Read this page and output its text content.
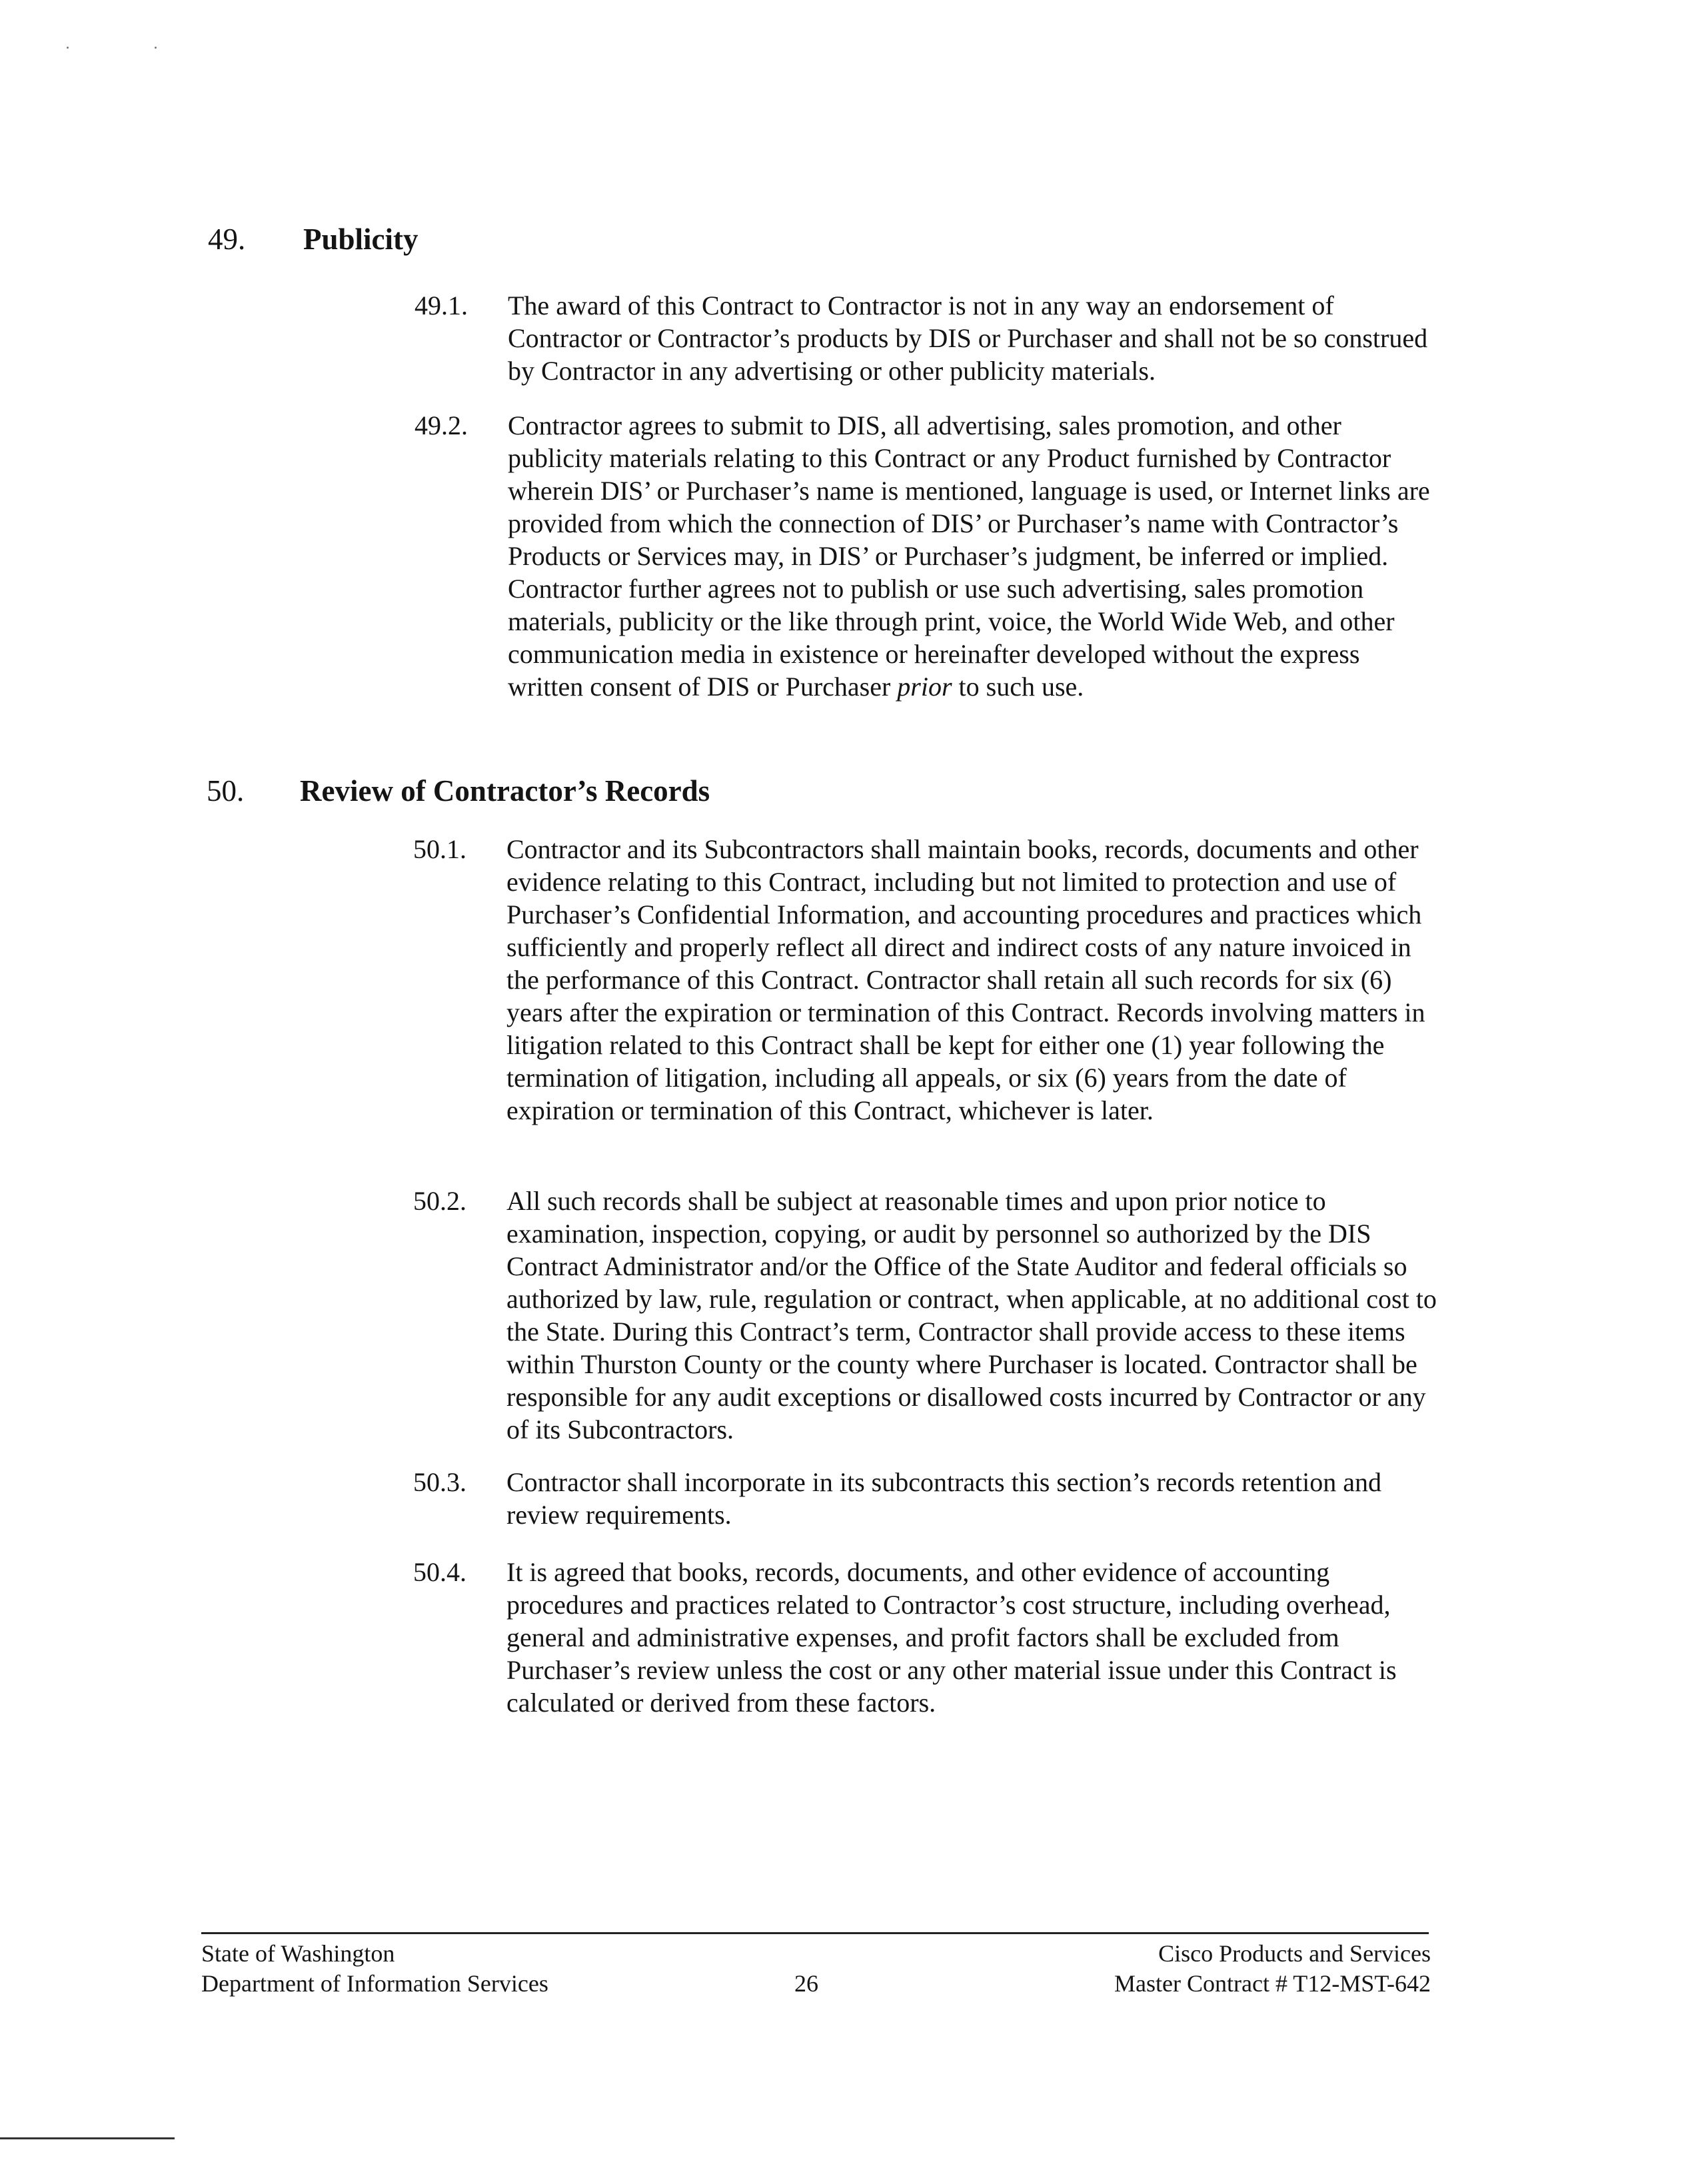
49. Publicity
49.1. The award of this Contract to Contractor is not in any way an endorsement of Contractor or Contractor’s products by DIS or Purchaser and shall not be so construed by Contractor in any advertising or other publicity materials.
49.2. Contractor agrees to submit to DIS, all advertising, sales promotion, and other publicity materials relating to this Contract or any Product furnished by Contractor wherein DIS’ or Purchaser’s name is mentioned, language is used, or Internet links are provided from which the connection of DIS’ or Purchaser’s name with Contractor’s Products or Services may, in DIS’ or Purchaser’s judgment, be inferred or implied. Contractor further agrees not to publish or use such advertising, sales promotion materials, publicity or the like through print, voice, the World Wide Web, and other communication media in existence or hereinafter developed without the express written consent of DIS or Purchaser prior to such use.
50. Review of Contractor’s Records
50.1. Contractor and its Subcontractors shall maintain books, records, documents and other evidence relating to this Contract, including but not limited to protection and use of Purchaser’s Confidential Information, and accounting procedures and practices which sufficiently and properly reflect all direct and indirect costs of any nature invoiced in the performance of this Contract. Contractor shall retain all such records for six (6) years after the expiration or termination of this Contract. Records involving matters in litigation related to this Contract shall be kept for either one (1) year following the termination of litigation, including all appeals, or six (6) years from the date of expiration or termination of this Contract, whichever is later.
50.2. All such records shall be subject at reasonable times and upon prior notice to examination, inspection, copying, or audit by personnel so authorized by the DIS Contract Administrator and/or the Office of the State Auditor and federal officials so authorized by law, rule, regulation or contract, when applicable, at no additional cost to the State. During this Contract’s term, Contractor shall provide access to these items within Thurston County or the county where Purchaser is located. Contractor shall be responsible for any audit exceptions or disallowed costs incurred by Contractor or any of its Subcontractors.
50.3. Contractor shall incorporate in its subcontracts this section’s records retention and review requirements.
50.4. It is agreed that books, records, documents, and other evidence of accounting procedures and practices related to Contractor’s cost structure, including overhead, general and administrative expenses, and profit factors shall be excluded from Purchaser’s review unless the cost or any other material issue under this Contract is calculated or derived from these factors.
State of Washington
Department of Information Services	26
Cisco Products and Services
Master Contract # T12-MST-642
